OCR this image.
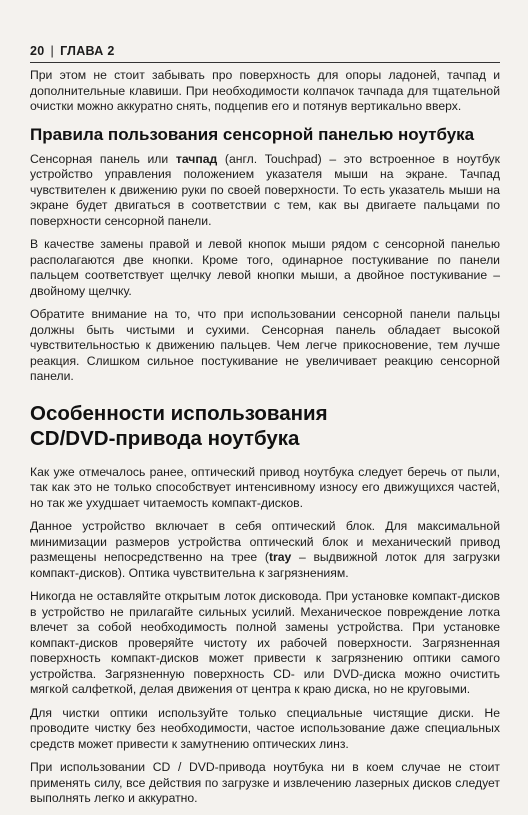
20 | ГЛАВА 2

При этом не стоит забывать про поверхность для опоры ладоней, тачпад и дополнительные клавиши. При необходимости колпачок тачпада для тщательной очистки можно аккуратно снять, подцепив его и потянув вертикально вверх.

Правила пользования сенсорной панелью ноутбука

Сенсорная панель или тачпад (англ. Touchpad) – это встроенное в ноутбук устройство управления положением указателя мыши на экране. Тачпад чувствителен к движению руки по своей поверхности. То есть указатель мыши на экране будет двигаться в соответствии с тем, как вы двигаете пальцами по поверхности сенсорной панели.

В качестве замены правой и левой кнопок мыши рядом с сенсорной панелью располагаются две кнопки. Кроме того, одинарное постукивание по панели пальцем соответствует щелчку левой кнопки мыши, а двойное постукивание – двойному щелчку.

Обратите внимание на то, что при использовании сенсорной панели пальцы должны быть чистыми и сухими. Сенсорная панель обладает высокой чувствительностью к движению пальцев. Чем легче прикосновение, тем лучше реакция. Слишком сильное постукивание не увеличивает реакцию сенсорной панели.

Особенности использования
CD/DVD-привода ноутбука

Как уже отмечалось ранее, оптический привод ноутбука следует беречь от пыли, так как это не только способствует интенсивному износу его движущихся частей, но так же ухудшает читаемость компакт-дисков.

Данное устройство включает в себя оптический блок. Для максимальной минимизации размеров устройства оптический блок и механический привод размещены непосредственно на трее (tray – выдвижной лоток для загрузки компакт-дисков). Оптика чувствительна к загрязнениям.

Никогда не оставляйте открытым лоток дисковода. При установке компакт-дисков в устройство не прилагайте сильных усилий. Механическое повреждение лотка влечет за собой необходимость полной замены устройства. При установке компакт-дисков проверяйте чистоту их рабочей поверхности. Загрязненная поверхность компакт-дисков может привести к загрязнению оптики самого устройства. Загрязненную поверхность CD- или DVD-диска можно очистить мягкой салфеткой, делая движения от центра к краю диска, но не круговыми.

Для чистки оптики используйте только специальные чистящие диски. Не проводите чистку без необходимости, частое использование даже специальных средств может привести к замутнению оптических линз.

При использовании CD / DVD-привода ноутбука ни в коем случае не стоит применять силу, все действия по загрузке и извлечению лазерных дисков следует выполнять легко и аккуратно.
